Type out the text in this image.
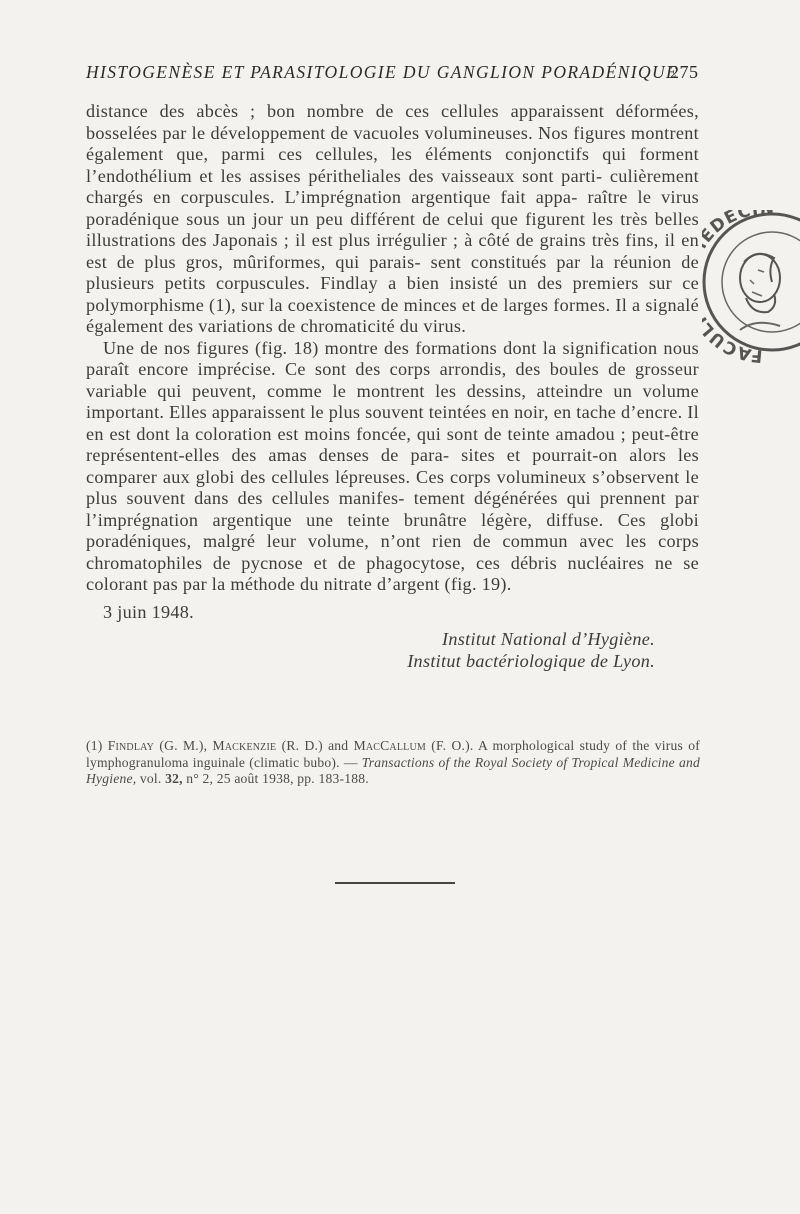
HISTOGENÈSE ET PARASITOLOGIE DU GANGLION PORADÉNIQUE
275

distance des abcès ; bon nombre de ces cellules apparaissent déformées, bosselées par le développement de vacuoles volumineuses. Nos figures montrent également que, parmi ces cellules, les éléments conjonctifs qui forment l’endothélium et les assises péritheliales des vaisseaux sont parti- culièrement chargés en corpuscules. L’imprégnation argentique fait appa- raître le virus poradénique sous un jour un peu différent de celui que figurent les très belles illustrations des Japonais ; il est plus irrégulier ; à côté de grains très fins, il en est de plus gros, mûriformes, qui parais- sent constitués par la réunion de plusieurs petits corpuscules. Findlay a bien insisté un des premiers sur ce polymorphisme (1), sur la coexistence de minces et de larges formes. Il a signalé également des variations de chromaticité du virus.

Une de nos figures (fig. 18) montre des formations dont la signification nous paraît encore imprécise. Ce sont des corps arrondis, des boules de grosseur variable qui peuvent, comme le montrent les dessins, atteindre un volume important. Elles apparaissent le plus souvent teintées en noir, en tache d’encre. Il en est dont la coloration est moins foncée, qui sont de teinte amadou ; peut-être représentent-elles des amas denses de para- sites et pourrait-on alors les comparer aux globi des cellules lépreuses. Ces corps volumineux s’observent le plus souvent dans des cellules manifes- tement dégénérées qui prennent par l’imprégnation argentique une teinte brunâtre légère, diffuse. Ces globi poradéniques, malgré leur volume, n’ont rien de commun avec les corps chromatophiles de pycnose et de phagocytose, ces débris nucléaires ne se colorant pas par la méthode du nitrate d’argent (fig. 19).

3 juin 1948.

Institut National d’Hygiène.

Institut bactériologique de Lyon.

(1) Findlay (G. M.), Mackenzie (R. D.) and MacCallum (F. O.). A morphological study of the virus of lymphogranuloma inguinale (climatic bubo). — Transactions of the Royal Society of Tropical Medicine and Hygiene, vol. 32, n° 2, 25 août 1938, pp. 183-188.
FACU DEC
